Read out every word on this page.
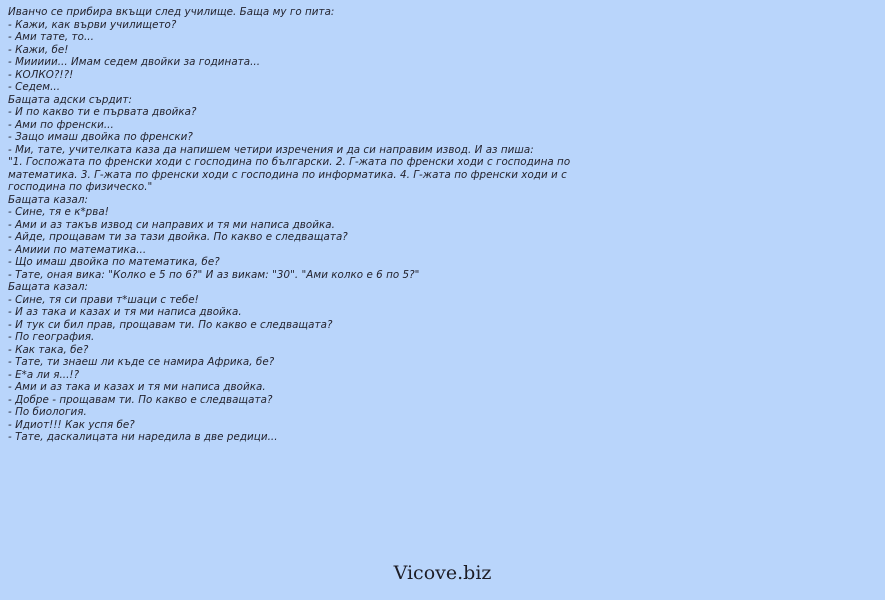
Иванчо се прибира вкъщи след училище. Баща му го пита:
- Кажи, как върви училището?
- Ами тате, то...
- Кажи, бе!
- Миииии... Имам седем двойки за годината...
- КОЛКО?!?!
- Седем...
Бащата адски сърдит:
- И по какво ти е първата двойка?
- Ами по френски...
- Защо имаш двойка по френски?
- Ми, тате, учителката каза да напишем четири изречения и да си направим извод. И аз пиша:
"1. Госпожата по френски ходи с господина по български. 2. Г-жата по френски ходи с господина по математика. 3. Г-жата по френски ходи с господина по информатика. 4. Г-жата по френски ходи и с господина по физическо."
Бащата казал:
- Сине, тя е к*рва!
- Ами и аз такъв извод си направих и тя ми написа двойка.
- Айде, прощавам ти за тази двойка. По какво е следващата?
- Амиии по математика...
- Що имаш двойка по математика, бе?
- Тате, оная вика: "Колко е 5 по 6?" И аз викам: "30". "Ами колко е 6 по 5?"
Бащата казал:
- Сине, тя си прави т*шаци с тебе!
- И аз така и казах и тя ми написа двойка.
- И тук си бил прав, прощавам ти. По какво е следващата?
- По география.
- Как така, бе?
- Тате, ти знаеш ли къде се намира Африка, бе?
- Е*а ли я...!?
- Ами и аз така и казах и тя ми написа двойка.
- Добре - прощавам ти. По какво е следващата?
- По биология.
- Идиот!!! Как успя бе?
- Тате, даскалицата ни наредила в две редици...
Vicove.biz
